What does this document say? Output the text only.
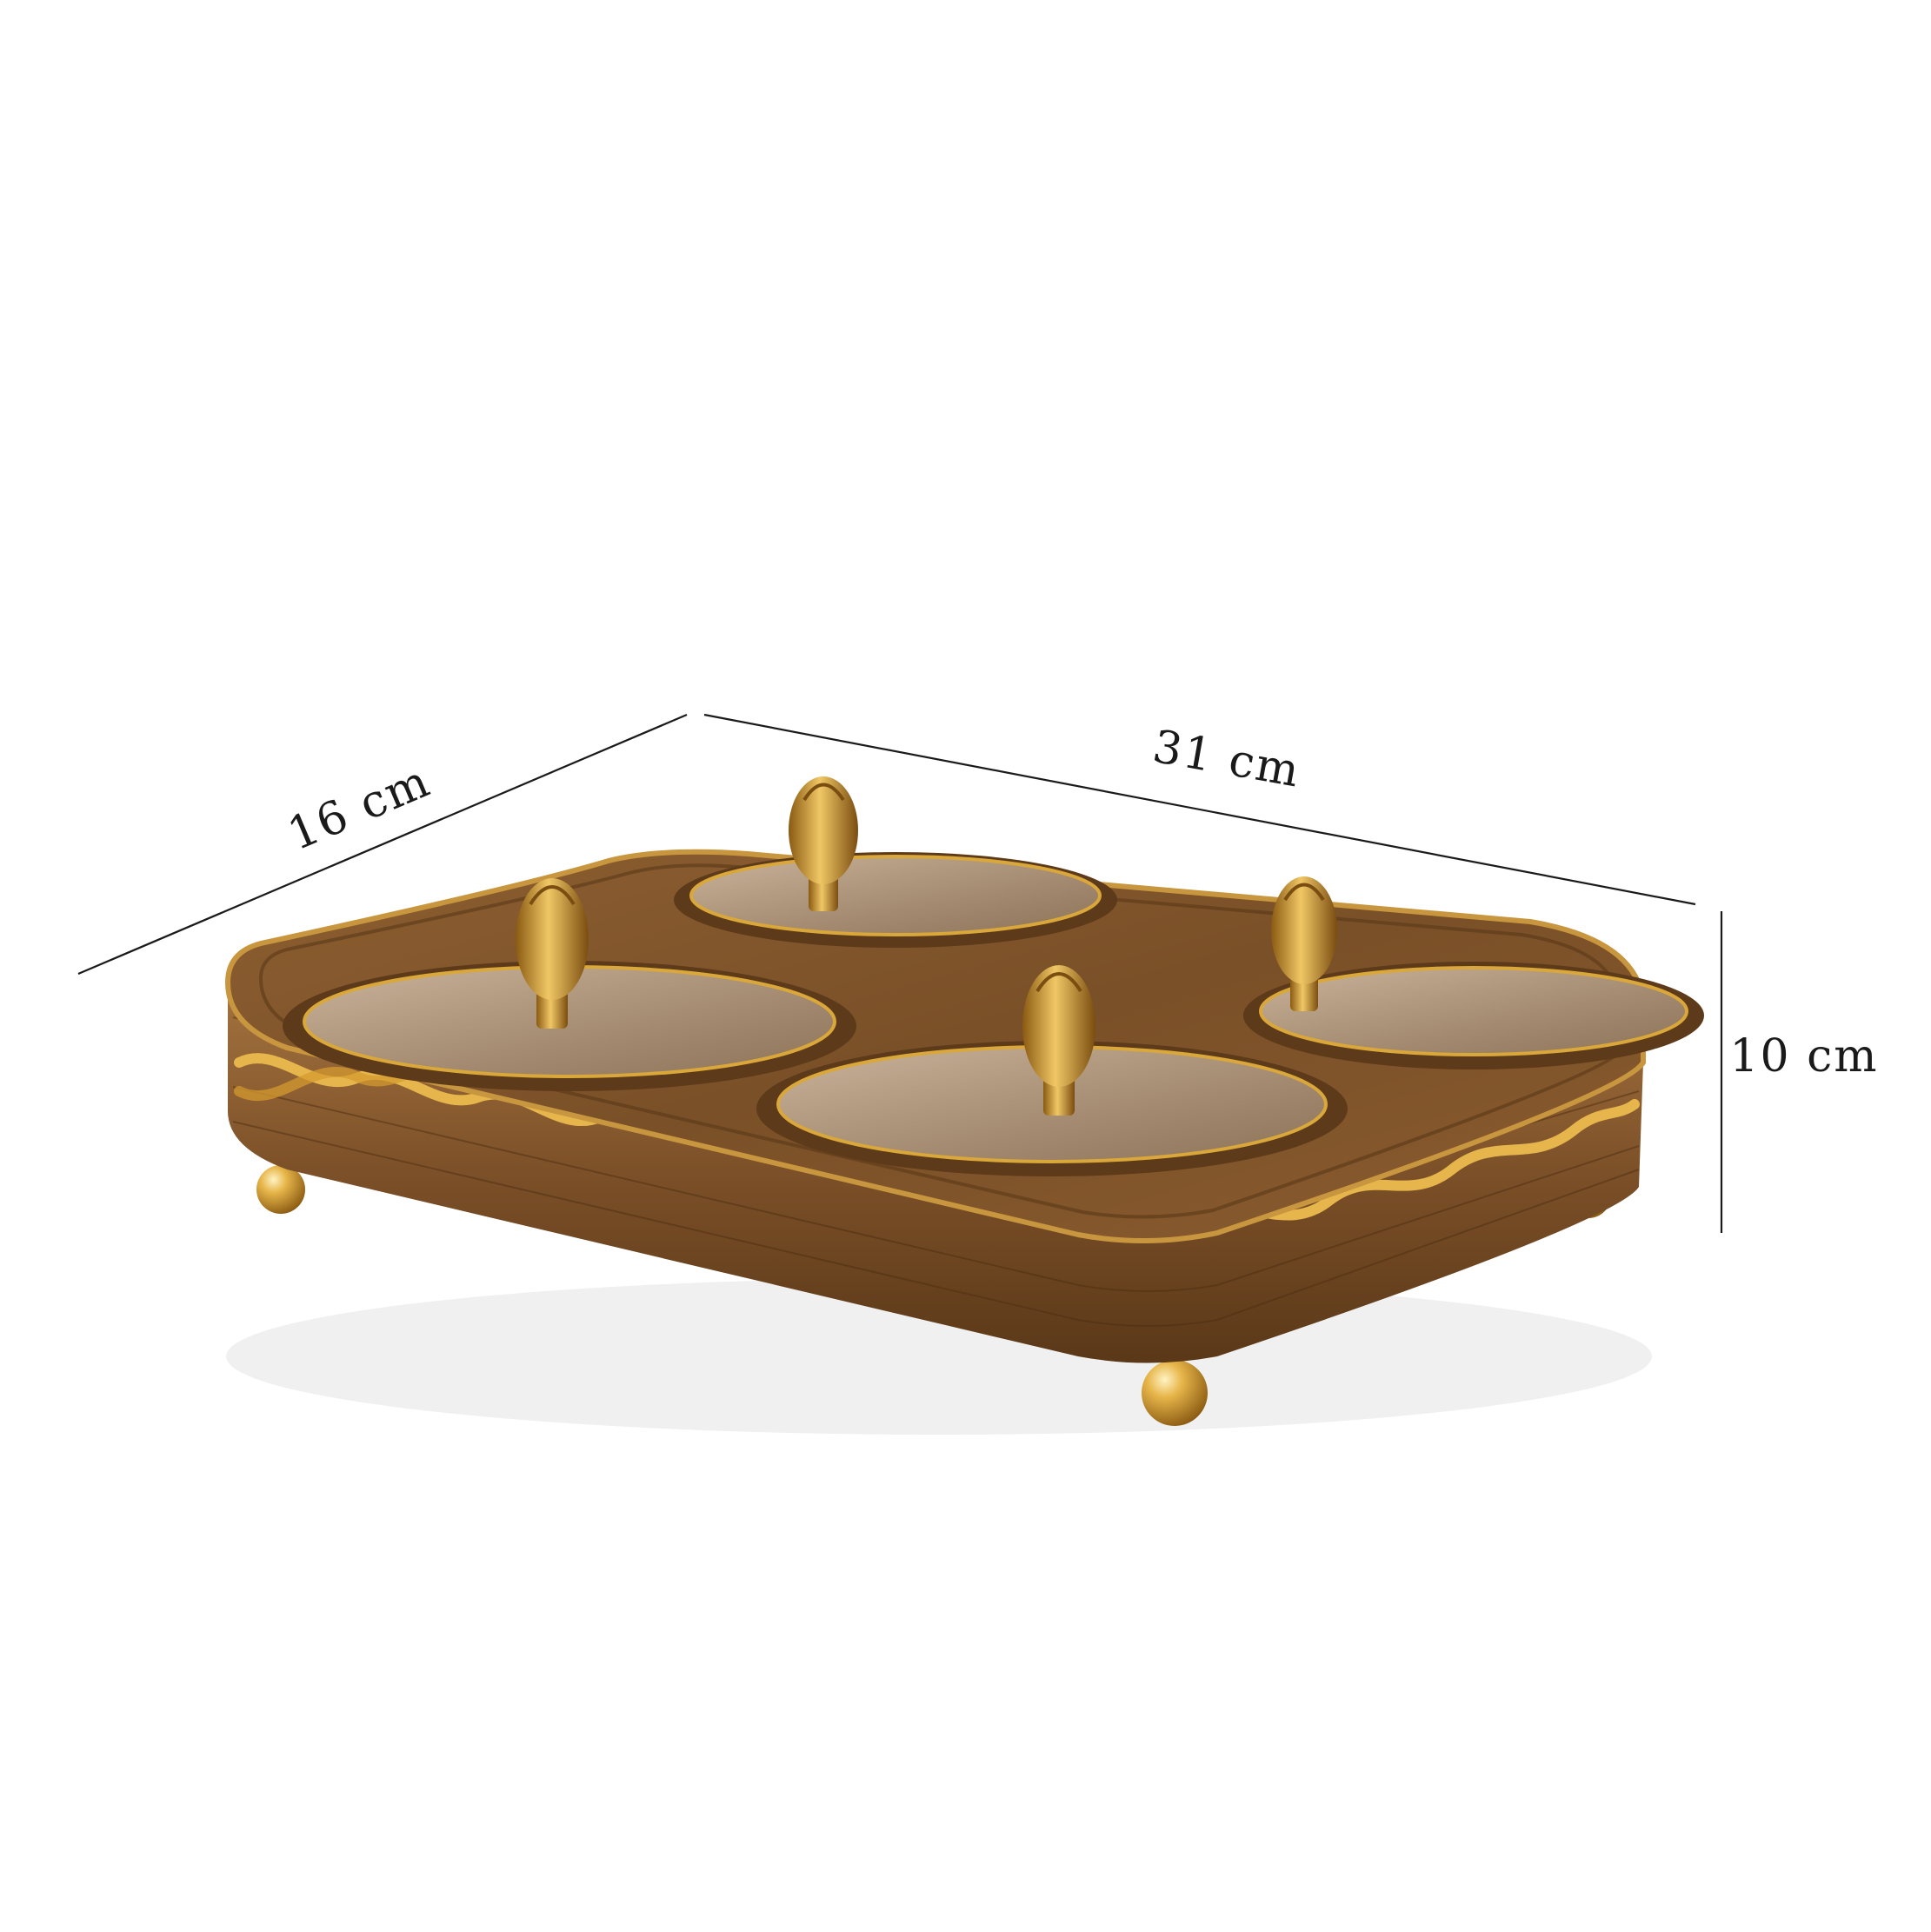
16 cm	31 cm
10 cm
